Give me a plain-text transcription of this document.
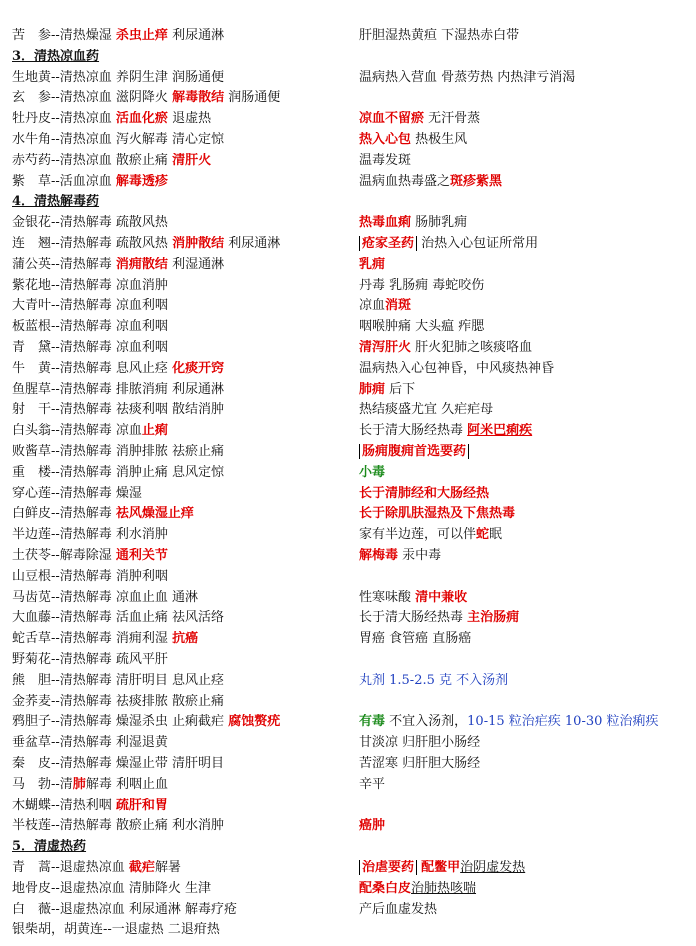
苦　参--清热燥湿 杀虫止痒 利尿通淋	肝胆湿热黄疸 下湿热赤白带
3．清热凉血药
生地黄--清热凉血 养阴生津 润肠通便	温病热入营血 骨蒸劳热 内热津亏消渴
玄　参--清热凉血 滋阴降火 解毒散结 润肠通便
牡丹皮--清热凉血 活血化瘀 退虚热	凉血不留瘀 无汗骨蒸
水牛角--清热凉血 泻火解毒 清心定惊	热入心包 热极生风
赤芍药--清热凉血 散瘀止痛 清肝火	温毒发斑
紫　草--活血凉血 解毒透疹	温病血热毒盛之斑疹紫黑
4．清热解毒药
金银花--清热解毒 疏散风热	热毒血痢 肠肺乳痈
连　翘--清热解毒 疏散风热 消肿散结 利尿通淋	疮家圣药 治热入心包证所常用
蒲公英--清热解毒 消痈散结 利湿通淋	乳痈
紫花地--清热解毒 凉血消肿	丹毒 乳肠痈 毒蛇咬伤
大青叶--清热解毒 凉血利咽	凉血消斑
板蓝根--清热解毒 凉血利咽	咽喉肿痛 大头瘟 痄腮
青　黛--清热解毒 凉血利咽	清泻肝火 肝火犯肺之咳痰咯血
牛　黄--清热解毒 息风止痉 化痰开窍	温病热入心包神昏，中风痰热神昏
鱼腥草--清热解毒 排脓消痈 利尿通淋	肺痈 后下
射　干--清热解毒 祛痰利咽 散结消肿	热结痰盛尤宜 久疟疟母
白头翁--清热解毒 凉血止痢	长于清大肠经热毒 阿米巴痢疾
败酱草--清热解毒 消肿排脓 祛瘀止痛	肠痈腹痈首选要药
重　楼--清热解毒 消肿止痛 息风定惊	小毒
穿心莲--清热解毒 燥湿	长于清肺经和大肠经热
白鲜皮--清热解毒 祛风燥湿止痒	长于除肌肤湿热及下焦热毒
半边莲--清热解毒 利水消肿	家有半边莲，可以伴蛇眠
土茯苓--解毒除湿 通利关节	解梅毒 汞中毒
山豆根--清热解毒 消肿利咽
马齿苋--清热解毒 凉血止血 通淋	性寒味酸 清中兼收
大血藤--清热解毒 活血止痛 祛风活络	长于清大肠经热毒 主治肠痈
蛇舌草--清热解毒 消痈利湿 抗癌	胃癌 食管癌 直肠癌
野菊花--清热解毒 疏风平肝
熊　胆--清热解毒 清肝明目 息风止痉	丸剂 1.5-2.5 克 不入汤剂
金荞麦--清热解毒 祛痰排脓 散瘀止痛
鸦胆子--清热解毒 燥湿杀虫 止痢截疟 腐蚀赘疣	有毒 不宜入汤剂，10-15 粒治疟疾 10-30 粒治痢疾
垂盆草--清热解毒 利湿退黄	甘淡凉 归肝胆小肠经
秦　皮--清热解毒 燥湿止带 清肝明目	苦涩寒 归肝胆大肠经
马　勃--清肺解毒 利咽止血	辛平
木蝴蝶--清热利咽 疏肝和胃
半枝莲--清热解毒 散瘀止痛 利水消肿	癌肿
5．清虚热药
青　蒿--退虚热凉血 截疟解暑	治虐要药 配鳖甲治阴虚发热
地骨皮--退虚热凉血 清肺降火 生津	配桑白皮治肺热咳喘
白　薇--退虚热凉血 利尿通淋 解毒疗疮	产后血虚发热
银柴胡，胡黄连--一退虚热 二退疳热
